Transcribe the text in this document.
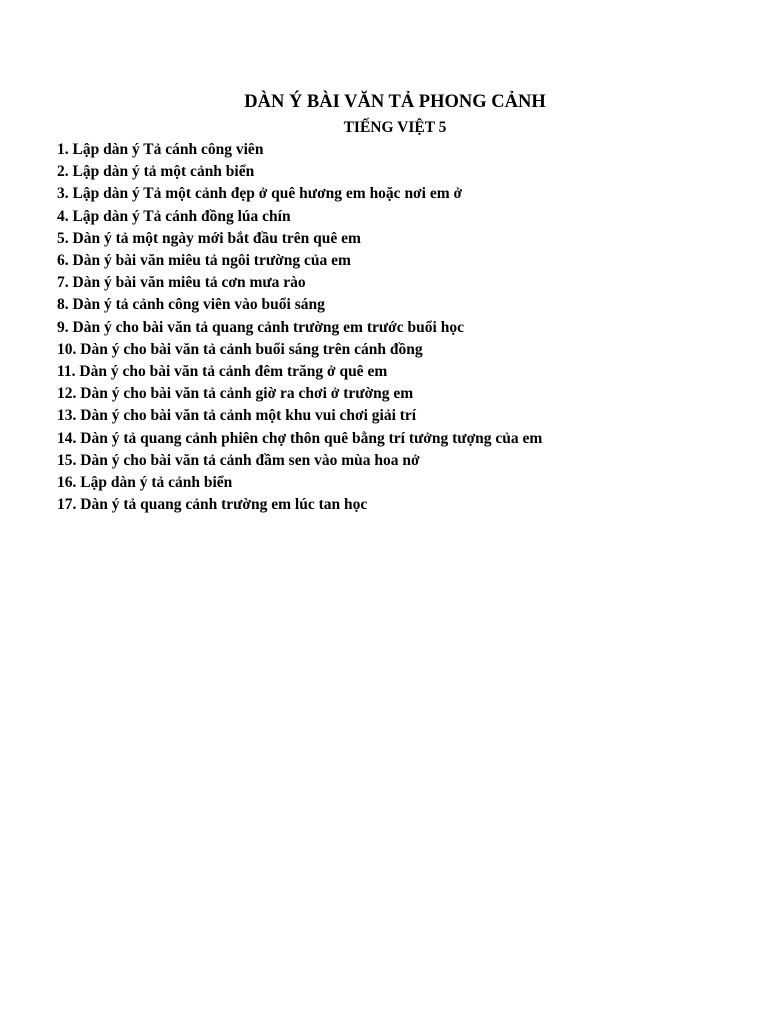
DÀN Ý BÀI VĂN TẢ PHONG CẢNH
TIẾNG VIỆT 5
1. Lập dàn ý Tả cánh công viên
2. Lập dàn ý tả một cảnh biển
3. Lập dàn ý Tả một cảnh đẹp ở quê hương em hoặc nơi em ở
4. Lập dàn ý Tả cánh đồng lúa chín
5. Dàn ý tả một ngày mới bắt đầu trên quê em
6. Dàn ý bài văn miêu tả ngôi trường của em
7. Dàn ý bài văn miêu tả cơn mưa rào
8. Dàn ý tả cảnh công viên vào buổi sáng
9. Dàn ý cho bài văn tả quang cảnh trường em trước buổi học
10. Dàn ý cho bài văn tả cảnh buổi sáng trên cánh đồng
11. Dàn ý cho bài văn tả cảnh đêm trăng ở quê em
12. Dàn ý cho bài văn tả cảnh giờ ra chơi ở trường em
13. Dàn ý cho bài văn tả cảnh một khu vui chơi giải trí
14. Dàn ý tả quang cảnh phiên chợ thôn quê bằng trí tưởng tượng của em
15. Dàn ý cho bài văn tả cảnh đầm sen vào mùa hoa nở
16. Lập dàn ý tả cảnh biển
17. Dàn ý tả quang cảnh trường em lúc tan học
